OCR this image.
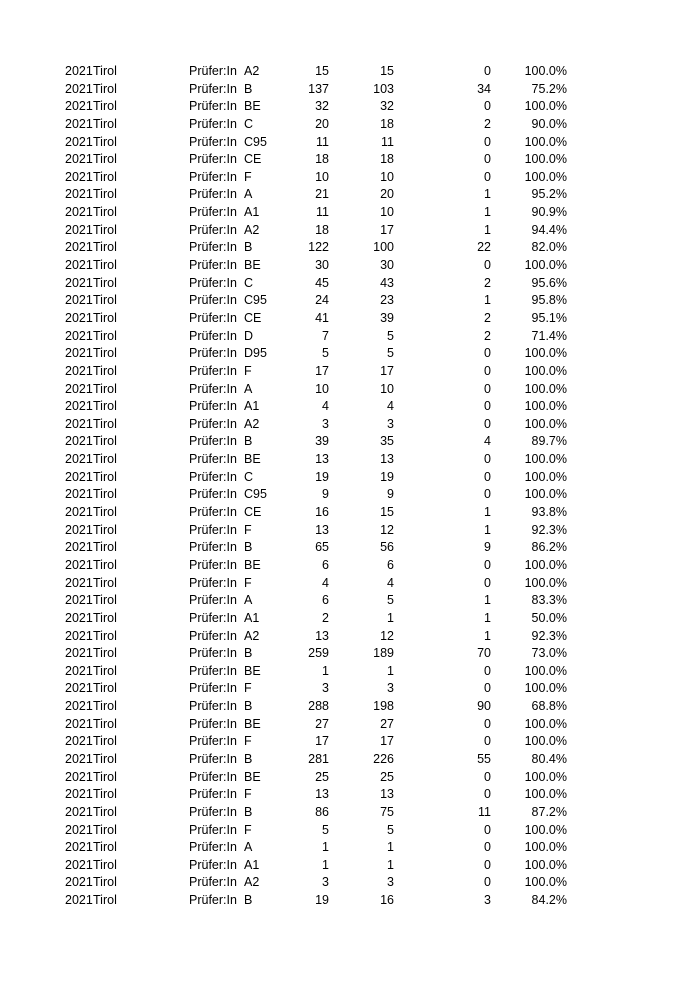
2021 Tirol	Prüfer:In A2	15	15	0	100.0%
2021 Tirol	Prüfer:In B	137	103	34	75.2%
2021 Tirol	Prüfer:In BE	32	32	0	100.0%
2021 Tirol	Prüfer:In C	20	18	2	90.0%
2021 Tirol	Prüfer:In C95	11	11	0	100.0%
2021 Tirol	Prüfer:In CE	18	18	0	100.0%
2021 Tirol	Prüfer:In F	10	10	0	100.0%
2021 Tirol	Prüfer:In A	21	20	1	95.2%
2021 Tirol	Prüfer:In A1	11	10	1	90.9%
2021 Tirol	Prüfer:In A2	18	17	1	94.4%
2021 Tirol	Prüfer:In B	122	100	22	82.0%
2021 Tirol	Prüfer:In BE	30	30	0	100.0%
2021 Tirol	Prüfer:In C	45	43	2	95.6%
2021 Tirol	Prüfer:In C95	24	23	1	95.8%
2021 Tirol	Prüfer:In CE	41	39	2	95.1%
2021 Tirol	Prüfer:In D	7	5	2	71.4%
2021 Tirol	Prüfer:In D95	5	5	0	100.0%
2021 Tirol	Prüfer:In F	17	17	0	100.0%
2021 Tirol	Prüfer:In A	10	10	0	100.0%
2021 Tirol	Prüfer:In A1	4	4	0	100.0%
2021 Tirol	Prüfer:In A2	3	3	0	100.0%
2021 Tirol	Prüfer:In B	39	35	4	89.7%
2021 Tirol	Prüfer:In BE	13	13	0	100.0%
2021 Tirol	Prüfer:In C	19	19	0	100.0%
2021 Tirol	Prüfer:In C95	9	9	0	100.0%
2021 Tirol	Prüfer:In CE	16	15	1	93.8%
2021 Tirol	Prüfer:In F	13	12	1	92.3%
2021 Tirol	Prüfer:In B	65	56	9	86.2%
2021 Tirol	Prüfer:In BE	6	6	0	100.0%
2021 Tirol	Prüfer:In F	4	4	0	100.0%
2021 Tirol	Prüfer:In A	6	5	1	83.3%
2021 Tirol	Prüfer:In A1	2	1	1	50.0%
2021 Tirol	Prüfer:In A2	13	12	1	92.3%
2021 Tirol	Prüfer:In B	259	189	70	73.0%
2021 Tirol	Prüfer:In BE	1	1	0	100.0%
2021 Tirol	Prüfer:In F	3	3	0	100.0%
2021 Tirol	Prüfer:In B	288	198	90	68.8%
2021 Tirol	Prüfer:In BE	27	27	0	100.0%
2021 Tirol	Prüfer:In F	17	17	0	100.0%
2021 Tirol	Prüfer:In B	281	226	55	80.4%
2021 Tirol	Prüfer:In BE	25	25	0	100.0%
2021 Tirol	Prüfer:In F	13	13	0	100.0%
2021 Tirol	Prüfer:In B	86	75	11	87.2%
2021 Tirol	Prüfer:In F	5	5	0	100.0%
2021 Tirol	Prüfer:In A	1	1	0	100.0%
2021 Tirol	Prüfer:In A1	1	1	0	100.0%
2021 Tirol	Prüfer:In A2	3	3	0	100.0%
2021 Tirol	Prüfer:In B	19	16	3	84.2%
